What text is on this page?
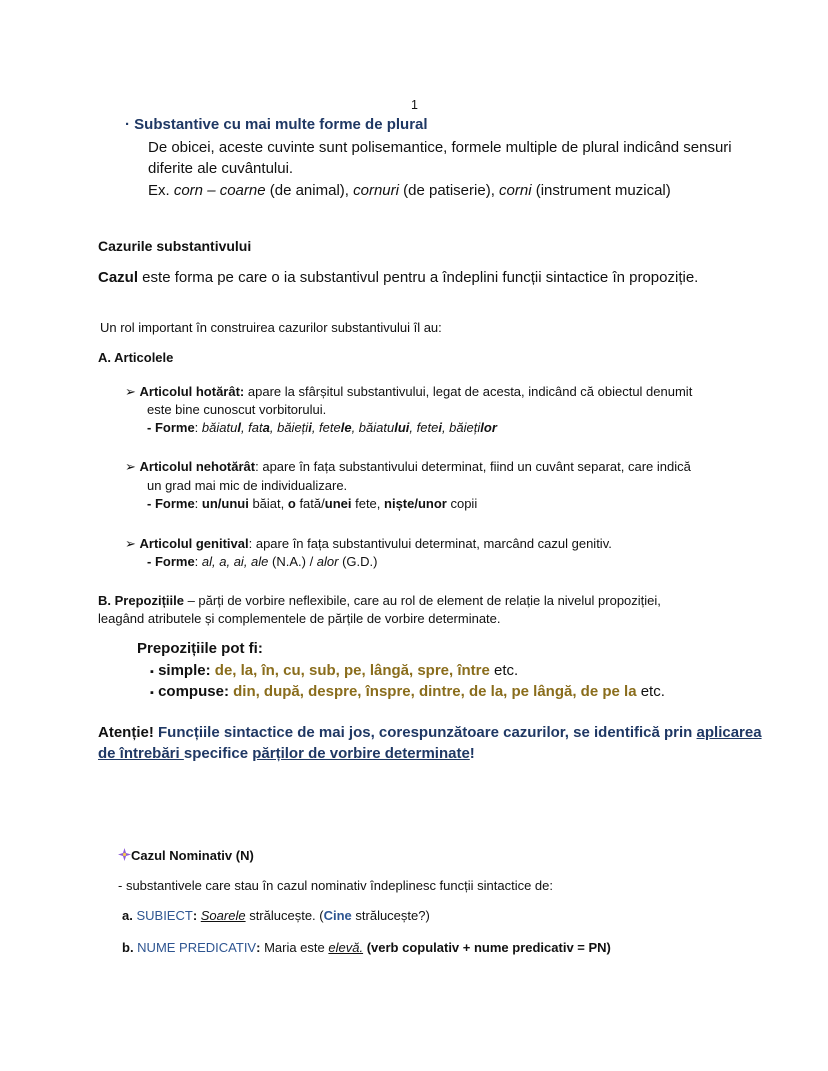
1
· Substantive cu mai multe forme de plural
De obicei, aceste cuvinte sunt polisemantice, formele multiple de plural indicând sensuri
diferite ale cuvântului.
Ex. corn – coarne (de animal), cornuri (de patiserie), corni (instrument muzical)
Cazurile substantivului
Cazul este forma pe care o ia substantivul pentru a îndeplini funcții sintactice în propoziție.
Un rol important în construirea cazurilor substantivului îl au:
A. Articolele
➢ Articolul hotărât: apare la sfârșitul substantivului, legat de acesta, indicând că obiectul denumit
este bine cunoscut vorbitorului.
- Forme: băiatul, fata, băieții, fetele, băiatului, fetei, băieților
➢ Articolul nehotărât: apare în fața substantivului determinat, fiind un cuvânt separat, care indică
un grad mai mic de individualizare.
- Forme: un/unui băiat, o fată/unei fete, niște/unor copii
➢ Articolul genitival: apare în fața substantivului determinat, marcând cazul genitiv.
- Forme: al, a, ai, ale (N.A.) / alor (G.D.)
B. Prepozițiile – părți de vorbire neflexibile, care au rol de element de relație la nivelul propoziției,
leagând atributele și complementele de părțile de vorbire determinate.
Prepozițiile pot fi:
▪ simple: de, la, în, cu, sub, pe, lângă, spre, între etc.
▪ compuse: din, după, despre, înspre, dintre, de la, pe lângă, de pe la etc.
Atenție! Funcțiile sintactice de mai jos, corespunzătoare cazurilor, se identifică prin aplicarea
de întrebări specifice părților de vorbire determinate!
Cazul Nominativ (N)
- substantivele care stau în cazul nominativ îndeplinesc funcții sintactice de:
a. SUBIECT: Soarele strălucește. (Cine strălucește?)
b. NUME PREDICATIV: Maria este elevă. (verb copulativ + nume predicativ = PN)
